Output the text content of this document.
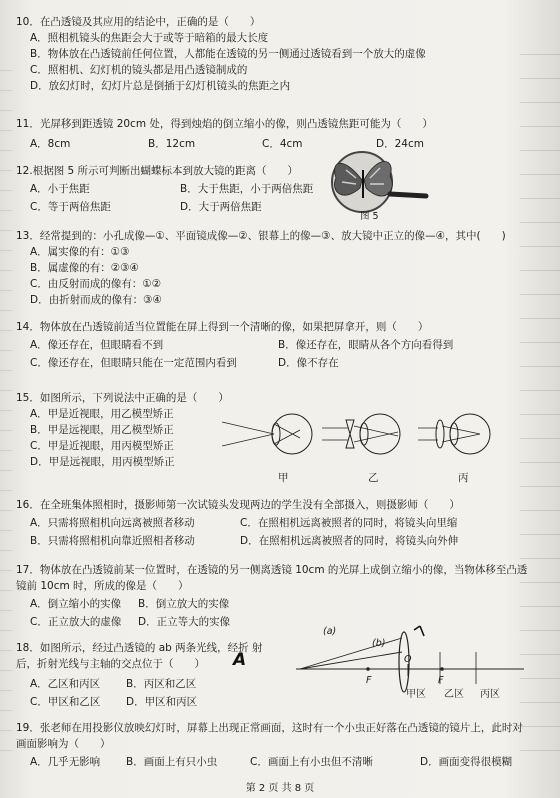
10．在凸透镜及其应用的结论中，正确的是（　　）
A．照相机镜头的焦距会大于或等于暗箱的最大长度
B．物体放在凸透镜前任何位置，人都能在透镜的另一侧通过透镜看到一个放大的虚像
C．照相机、幻灯机的镜头都是用凸透镜制成的
D．放幻灯时，幻灯片总是倒插于幻灯机镜头的焦距之内
11．光屏移到距透镜 20cm 处，得到烛焰的倒立缩小的像，则凸透镜焦距可能为（　　）
A．8cm	B．12cm	C．4cm	D．24cm
12.根据图 5 所示可判断出蝴蝶标本到放大镜的距离（　　）
A．小于焦距	B．大于焦距，小于两倍焦距
C．等于两倍焦距	D．大于两倍焦距
图 5
13．经常提到的：小孔成像—①、平面镜成像—②、银幕上的像—③、放大镜中正立的像—④，其中(　　)
A．属实像的有：①③
B．属虚像的有：②③④
C．由反射而成的像有：①②
D．由折射而成的像有：③④
14．物体放在凸透镜前适当位置能在屏上得到一个清晰的像，如果把屏拿开，则（　　）
A．像还存在，但眼睛看不到	B．像还存在，眼睛从各个方向看得到
C．像还存在，但眼睛只能在一定范围内看到	D．像不存在
15．如图所示，下列说法中正确的是（　　）
A．甲是近视眼，用乙模型矫正
B．甲是远视眼，用乙模型矫正
C．甲是近视眼，用丙模型矫正
D．甲是远视眼，用丙模型矫正
甲	乙	丙
16．在全班集体照相时，摄影师第一次试镜头发现两边的学生没有全部摄入，则摄影师（　　）
A．只需将照相机向远离被照者移动	C．在照相机远离被照者的同时，将镜头向里缩
B．只需将照相机向靠近照相者移动	D．在照相机远离被照者的同时，将镜头向外伸
17．物体放在凸透镜前某一位置时，在透镜的另一侧离透镜 10cm 的光屏上成倒立缩小的像，当物体移至凸透
镜前 10cm 时，所成的像是（　　）
A．倒立缩小的实像	B．倒立放大的实像
C．正立放大的虚像	D．正立等大的实像
18．如图所示，经过凸透镜的 ab 两条光线，经折 射
后，折射光线与主轴的交点位于（　　）
A．乙区和丙区	B．丙区和乙区
C．甲区和乙区	D．甲区和丙区
A
(a)
(b)
F
O
F
甲区 乙区 丙区
19．张老师在用投影仪放映幻灯时，屏幕上出现正常画面，这时有一个小虫正好落在凸透镜的镜片上，此时对
画面影响为（　　）
A．几乎无影响	B．画面上有只小虫	C．画面上有小虫但不清晰	D．画面变得很模糊
第 2 页 共 8 页
